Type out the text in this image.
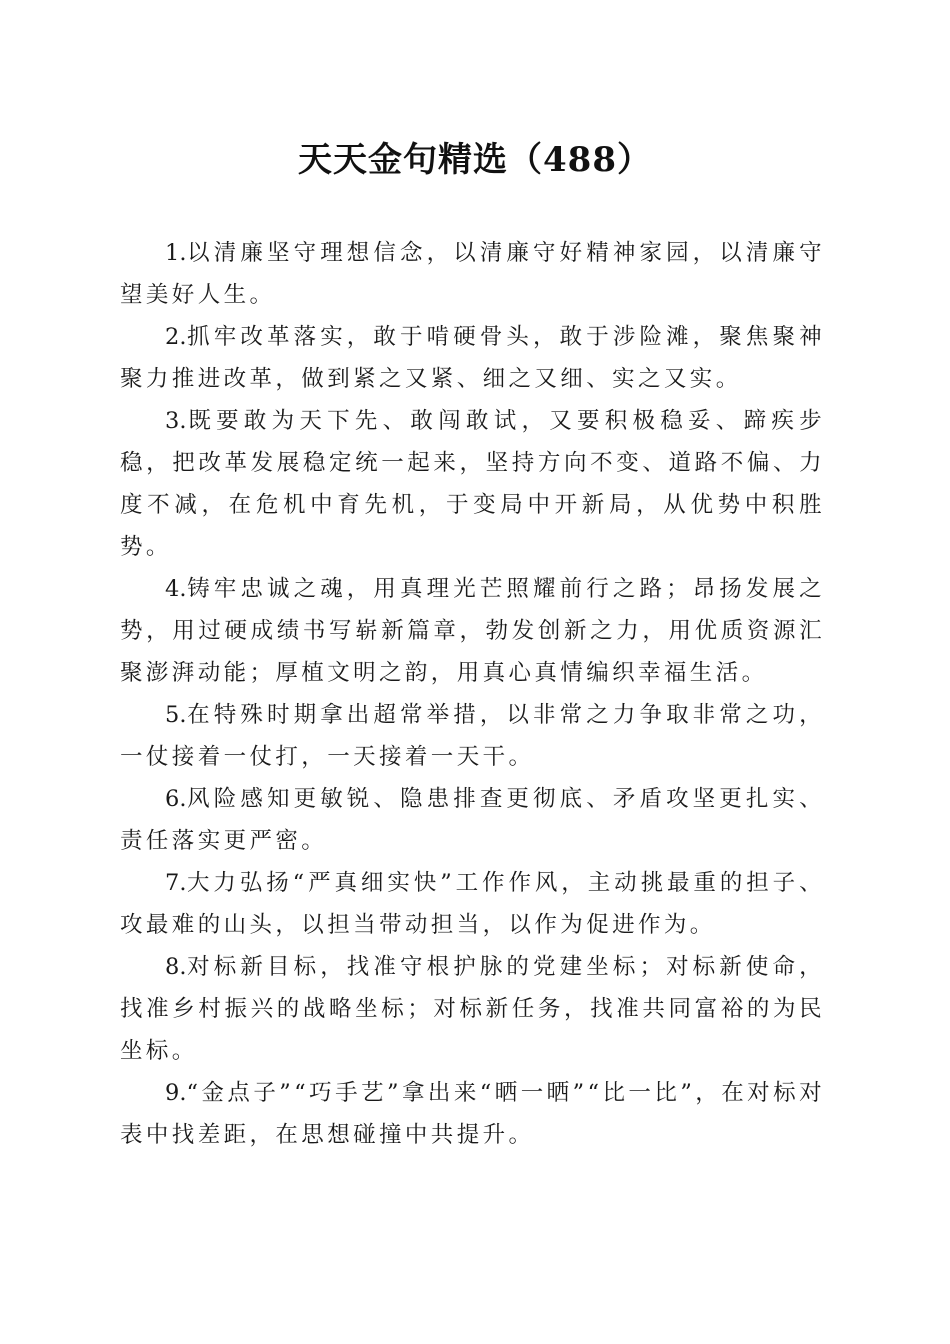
天天金句精选（488）

1.以清廉坚守理想信念，以清廉守好精神家园，以清廉守望美好人生。

2.抓牢改革落实，敢于啃硬骨头，敢于涉险滩，聚焦聚神聚力推进改革，做到紧之又紧、细之又细、实之又实。

3.既要敢为天下先、敢闯敢试，又要积极稳妥、蹄疾步稳，把改革发展稳定统一起来，坚持方向不变、道路不偏、力度不减，在危机中育先机，于变局中开新局，从优势中积胜势。

4.铸牢忠诚之魂，用真理光芒照耀前行之路；昂扬发展之势，用过硬成绩书写崭新篇章，勃发创新之力，用优质资源汇聚澎湃动能；厚植文明之韵，用真心真情编织幸福生活。

5.在特殊时期拿出超常举措，以非常之力争取非常之功，一仗接着一仗打，一天接着一天干。

6.风险感知更敏锐、隐患排查更彻底、矛盾攻坚更扎实、责任落实更严密。

7.大力弘扬“严真细实快”工作作风，主动挑最重的担子、攻最难的山头，以担当带动担当，以作为促进作为。

8.对标新目标，找准守根护脉的党建坐标；对标新使命，找准乡村振兴的战略坐标；对标新任务，找准共同富裕的为民坐标。

9.“金点子”“巧手艺”拿出来“晒一晒”“比一比”，在对标对表中找差距，在思想碰撞中共提升。
